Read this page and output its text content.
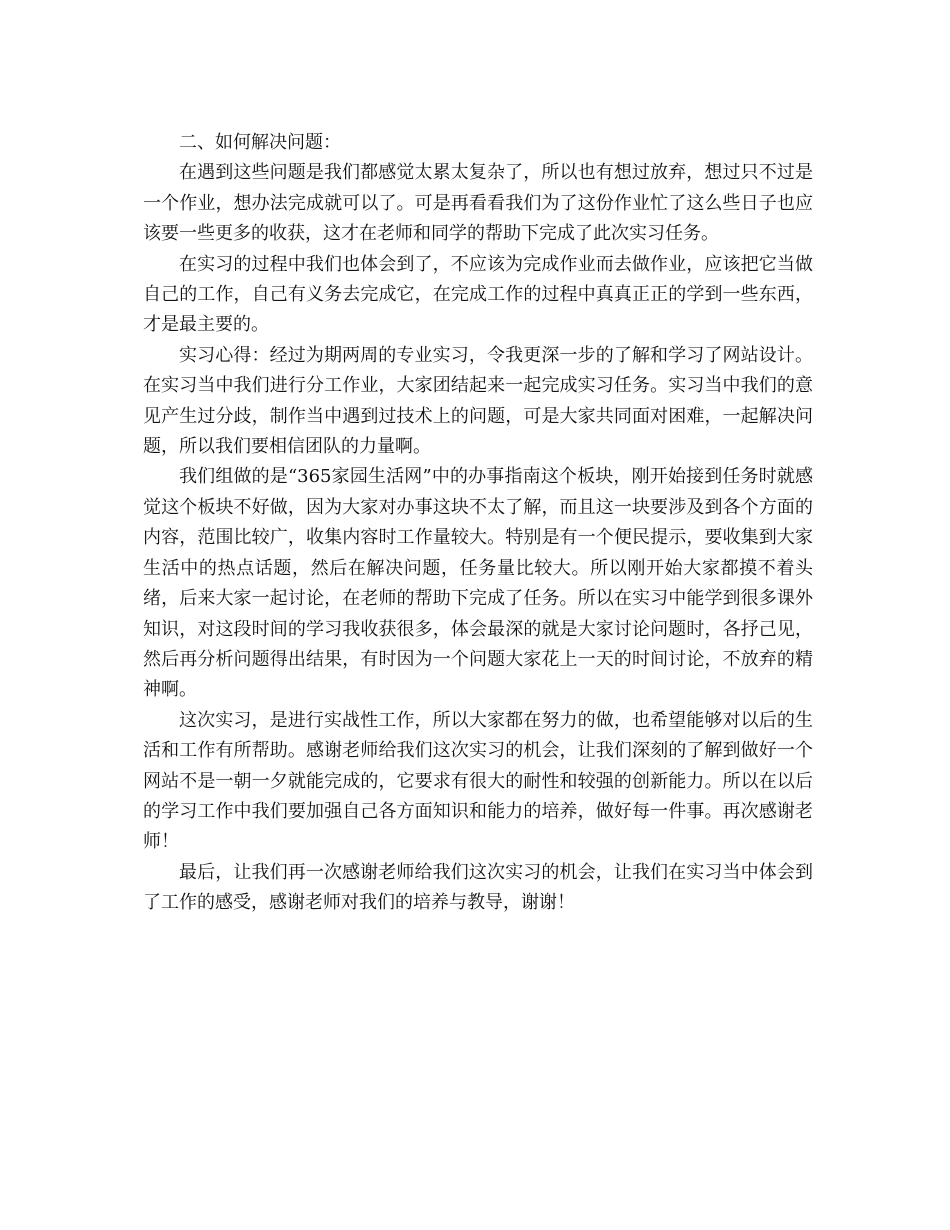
二、如何解决问题：

在遇到这些问题是我们都感觉太累太复杂了，所以也有想过放弃，想过只不过是一个作业，想办法完成就可以了。可是再看看我们为了这份作业忙了这么些日子也应该要一些更多的收获，这才在老师和同学的帮助下完成了此次实习任务。

在实习的过程中我们也体会到了，不应该为完成作业而去做作业，应该把它当做自己的工作，自己有义务去完成它，在完成工作的过程中真真正正的学到一些东西，才是最主要的。

实习心得：经过为期两周的专业实习，令我更深一步的了解和学习了网站设计。在实习当中我们进行分工作业，大家团结起来一起完成实习任务。实习当中我们的意见产生过分歧，制作当中遇到过技术上的问题，可是大家共同面对困难，一起解决问题，所以我们要相信团队的力量啊。

我们组做的是“365家园生活网”中的办事指南这个板块，刚开始接到任务时就感觉这个板块不好做，因为大家对办事这块不太了解，而且这一块要涉及到各个方面的内容，范围比较广，收集内容时工作量较大。特别是有一个便民提示，要收集到大家生活中的热点话题，然后在解决问题，任务量比较大。所以刚开始大家都摸不着头绪，后来大家一起讨论，在老师的帮助下完成了任务。所以在实习中能学到很多课外知识，对这段时间的学习我收获很多，体会最深的就是大家讨论问题时，各抒己见，然后再分析问题得出结果，有时因为一个问题大家花上一天的时间讨论，不放弃的精神啊。

这次实习，是进行实战性工作，所以大家都在努力的做，也希望能够对以后的生活和工作有所帮助。感谢老师给我们这次实习的机会，让我们深刻的了解到做好一个网站不是一朝一夕就能完成的，它要求有很大的耐性和较强的创新能力。所以在以后的学习工作中我们要加强自己各方面知识和能力的培养，做好每一件事。再次感谢老师！

最后，让我们再一次感谢老师给我们这次实习的机会，让我们在实习当中体会到了工作的感受，感谢老师对我们的培养与教导，谢谢！
